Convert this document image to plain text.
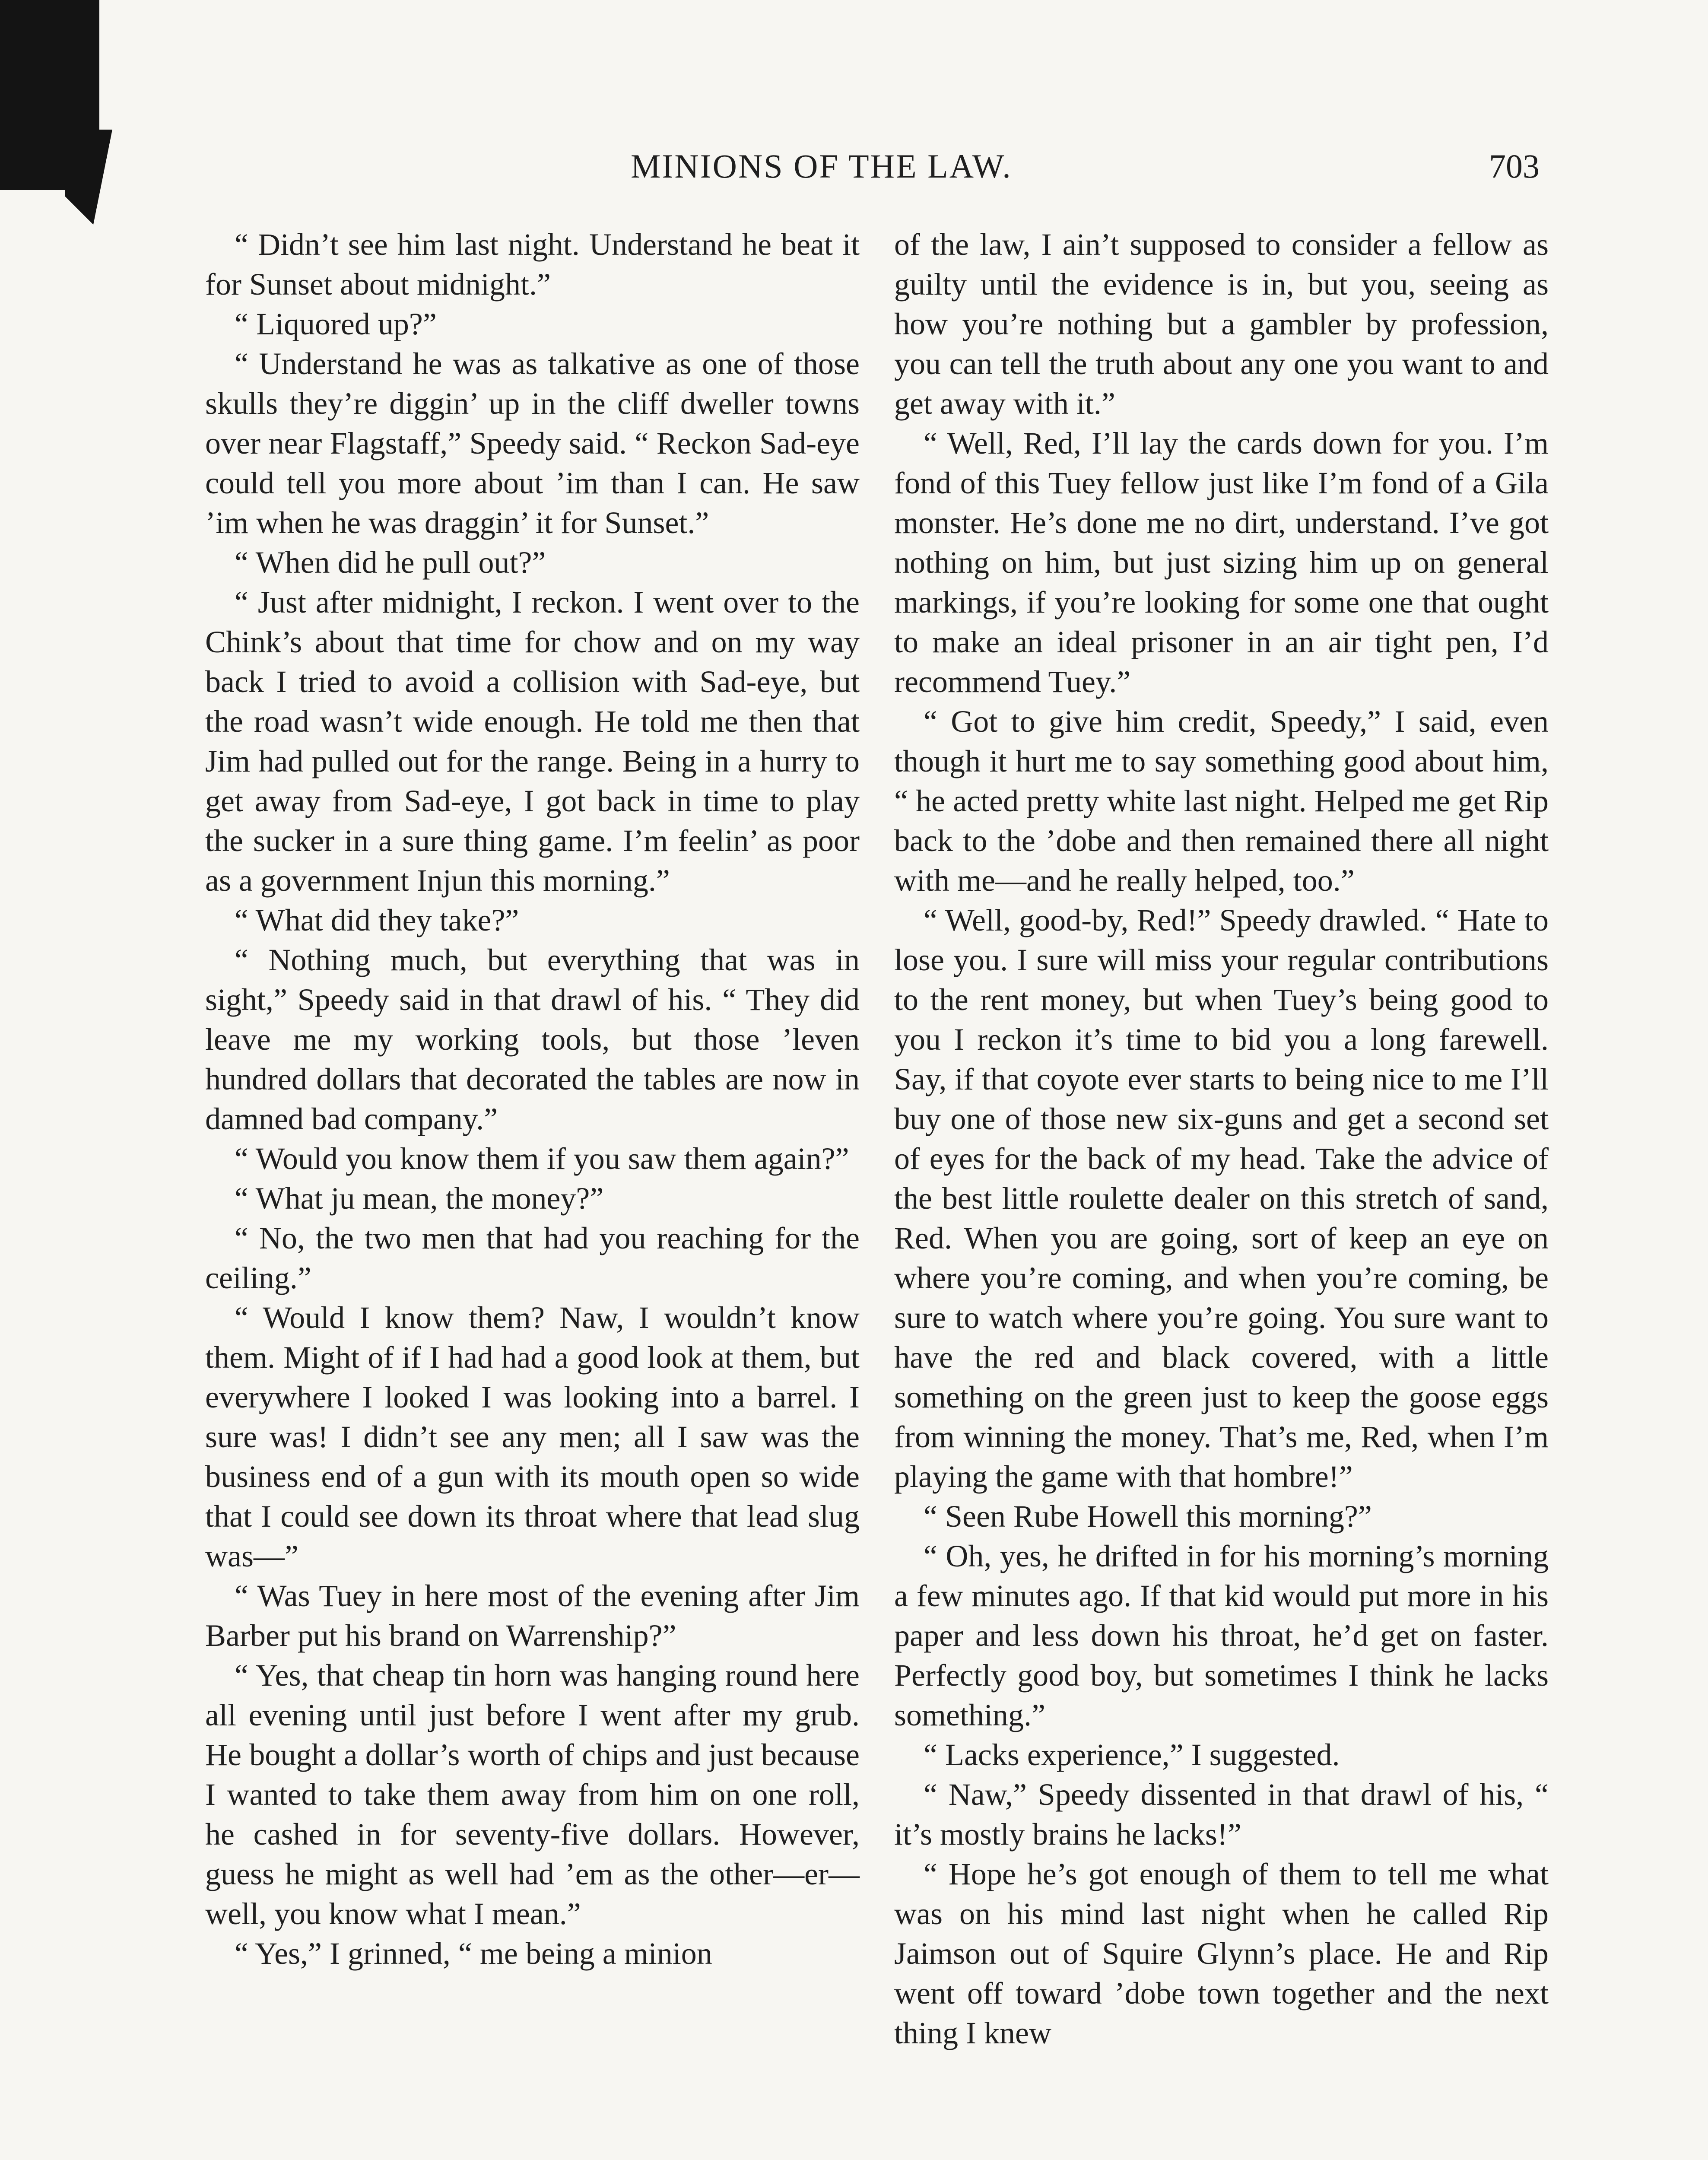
MINIONS OF THE LAW.	703

“ Didn’t see him last night. Understand he beat it for Sunset about midnight.”

“ Liquored up?”

“ Understand he was as talkative as one of those skulls they’re diggin’ up in the cliff dweller towns over near Flagstaff,” Speedy said. “ Reckon Sad-eye could tell you more about ’im than I can. He saw ’im when he was draggin’ it for Sunset.”

“ When did he pull out?”

“ Just after midnight, I reckon. I went over to the Chink’s about that time for chow and on my way back I tried to avoid a collision with Sad-eye, but the road wasn’t wide enough. He told me then that Jim had pulled out for the range. Being in a hurry to get away from Sad-eye, I got back in time to play the sucker in a sure thing game. I’m feelin’ as poor as a government Injun this morning.”

“ What did they take?”

“ Nothing much, but everything that was in sight,” Speedy said in that drawl of his. “ They did leave me my working tools, but those ’leven hundred dollars that decorated the tables are now in damned bad company.”

“ Would you know them if you saw them again?”

“ What ju mean, the money?”

“ No, the two men that had you reaching for the ceiling.”

“ Would I know them? Naw, I wouldn’t know them. Might of if I had had a good look at them, but everywhere I looked I was looking into a barrel. I sure was! I didn’t see any men; all I saw was the business end of a gun with its mouth open so wide that I could see down its throat where that lead slug was—”

“ Was Tuey in here most of the evening after Jim Barber put his brand on Warrenship?”

“ Yes, that cheap tin horn was hanging round here all evening until just before I went after my grub. He bought a dollar’s worth of chips and just because I wanted to take them away from him on one roll, he cashed in for seventy-five dollars. However, guess he might as well had ’em as the other—er—well, you know what I mean.”

“ Yes,” I grinned, “ me being a minion

of the law, I ain’t supposed to consider a fellow as guilty until the evidence is in, but you, seeing as how you’re nothing but a gambler by profession, you can tell the truth about any one you want to and get away with it.”

“ Well, Red, I’ll lay the cards down for you. I’m fond of this Tuey fellow just like I’m fond of a Gila monster. He’s done me no dirt, understand. I’ve got nothing on him, but just sizing him up on general markings, if you’re looking for some one that ought to make an ideal prisoner in an air tight pen, I’d recommend Tuey.”

“ Got to give him credit, Speedy,” I said, even though it hurt me to say something good about him, “ he acted pretty white last night. Helped me get Rip back to the ’dobe and then remained there all night with me—and he really helped, too.”

“ Well, good-by, Red!” Speedy drawled. “ Hate to lose you. I sure will miss your regular contributions to the rent money, but when Tuey’s being good to you I reckon it’s time to bid you a long farewell. Say, if that coyote ever starts to being nice to me I’ll buy one of those new six-guns and get a second set of eyes for the back of my head. Take the advice of the best little roulette dealer on this stretch of sand, Red. When you are going, sort of keep an eye on where you’re coming, and when you’re coming, be sure to watch where you’re going. You sure want to have the red and black covered, with a little something on the green just to keep the goose eggs from winning the money. That’s me, Red, when I’m playing the game with that hombre!”

“ Seen Rube Howell this morning?”

“ Oh, yes, he drifted in for his morning’s morning a few minutes ago. If that kid would put more in his paper and less down his throat, he’d get on faster. Perfectly good boy, but sometimes I think he lacks something.”

“ Lacks experience,” I suggested.

“ Naw,” Speedy dissented in that drawl of his, “ it’s mostly brains he lacks!”

“ Hope he’s got enough of them to tell me what was on his mind last night when he called Rip Jaimson out of Squire Glynn’s place. He and Rip went off toward ’dobe town together and the next thing I knew
